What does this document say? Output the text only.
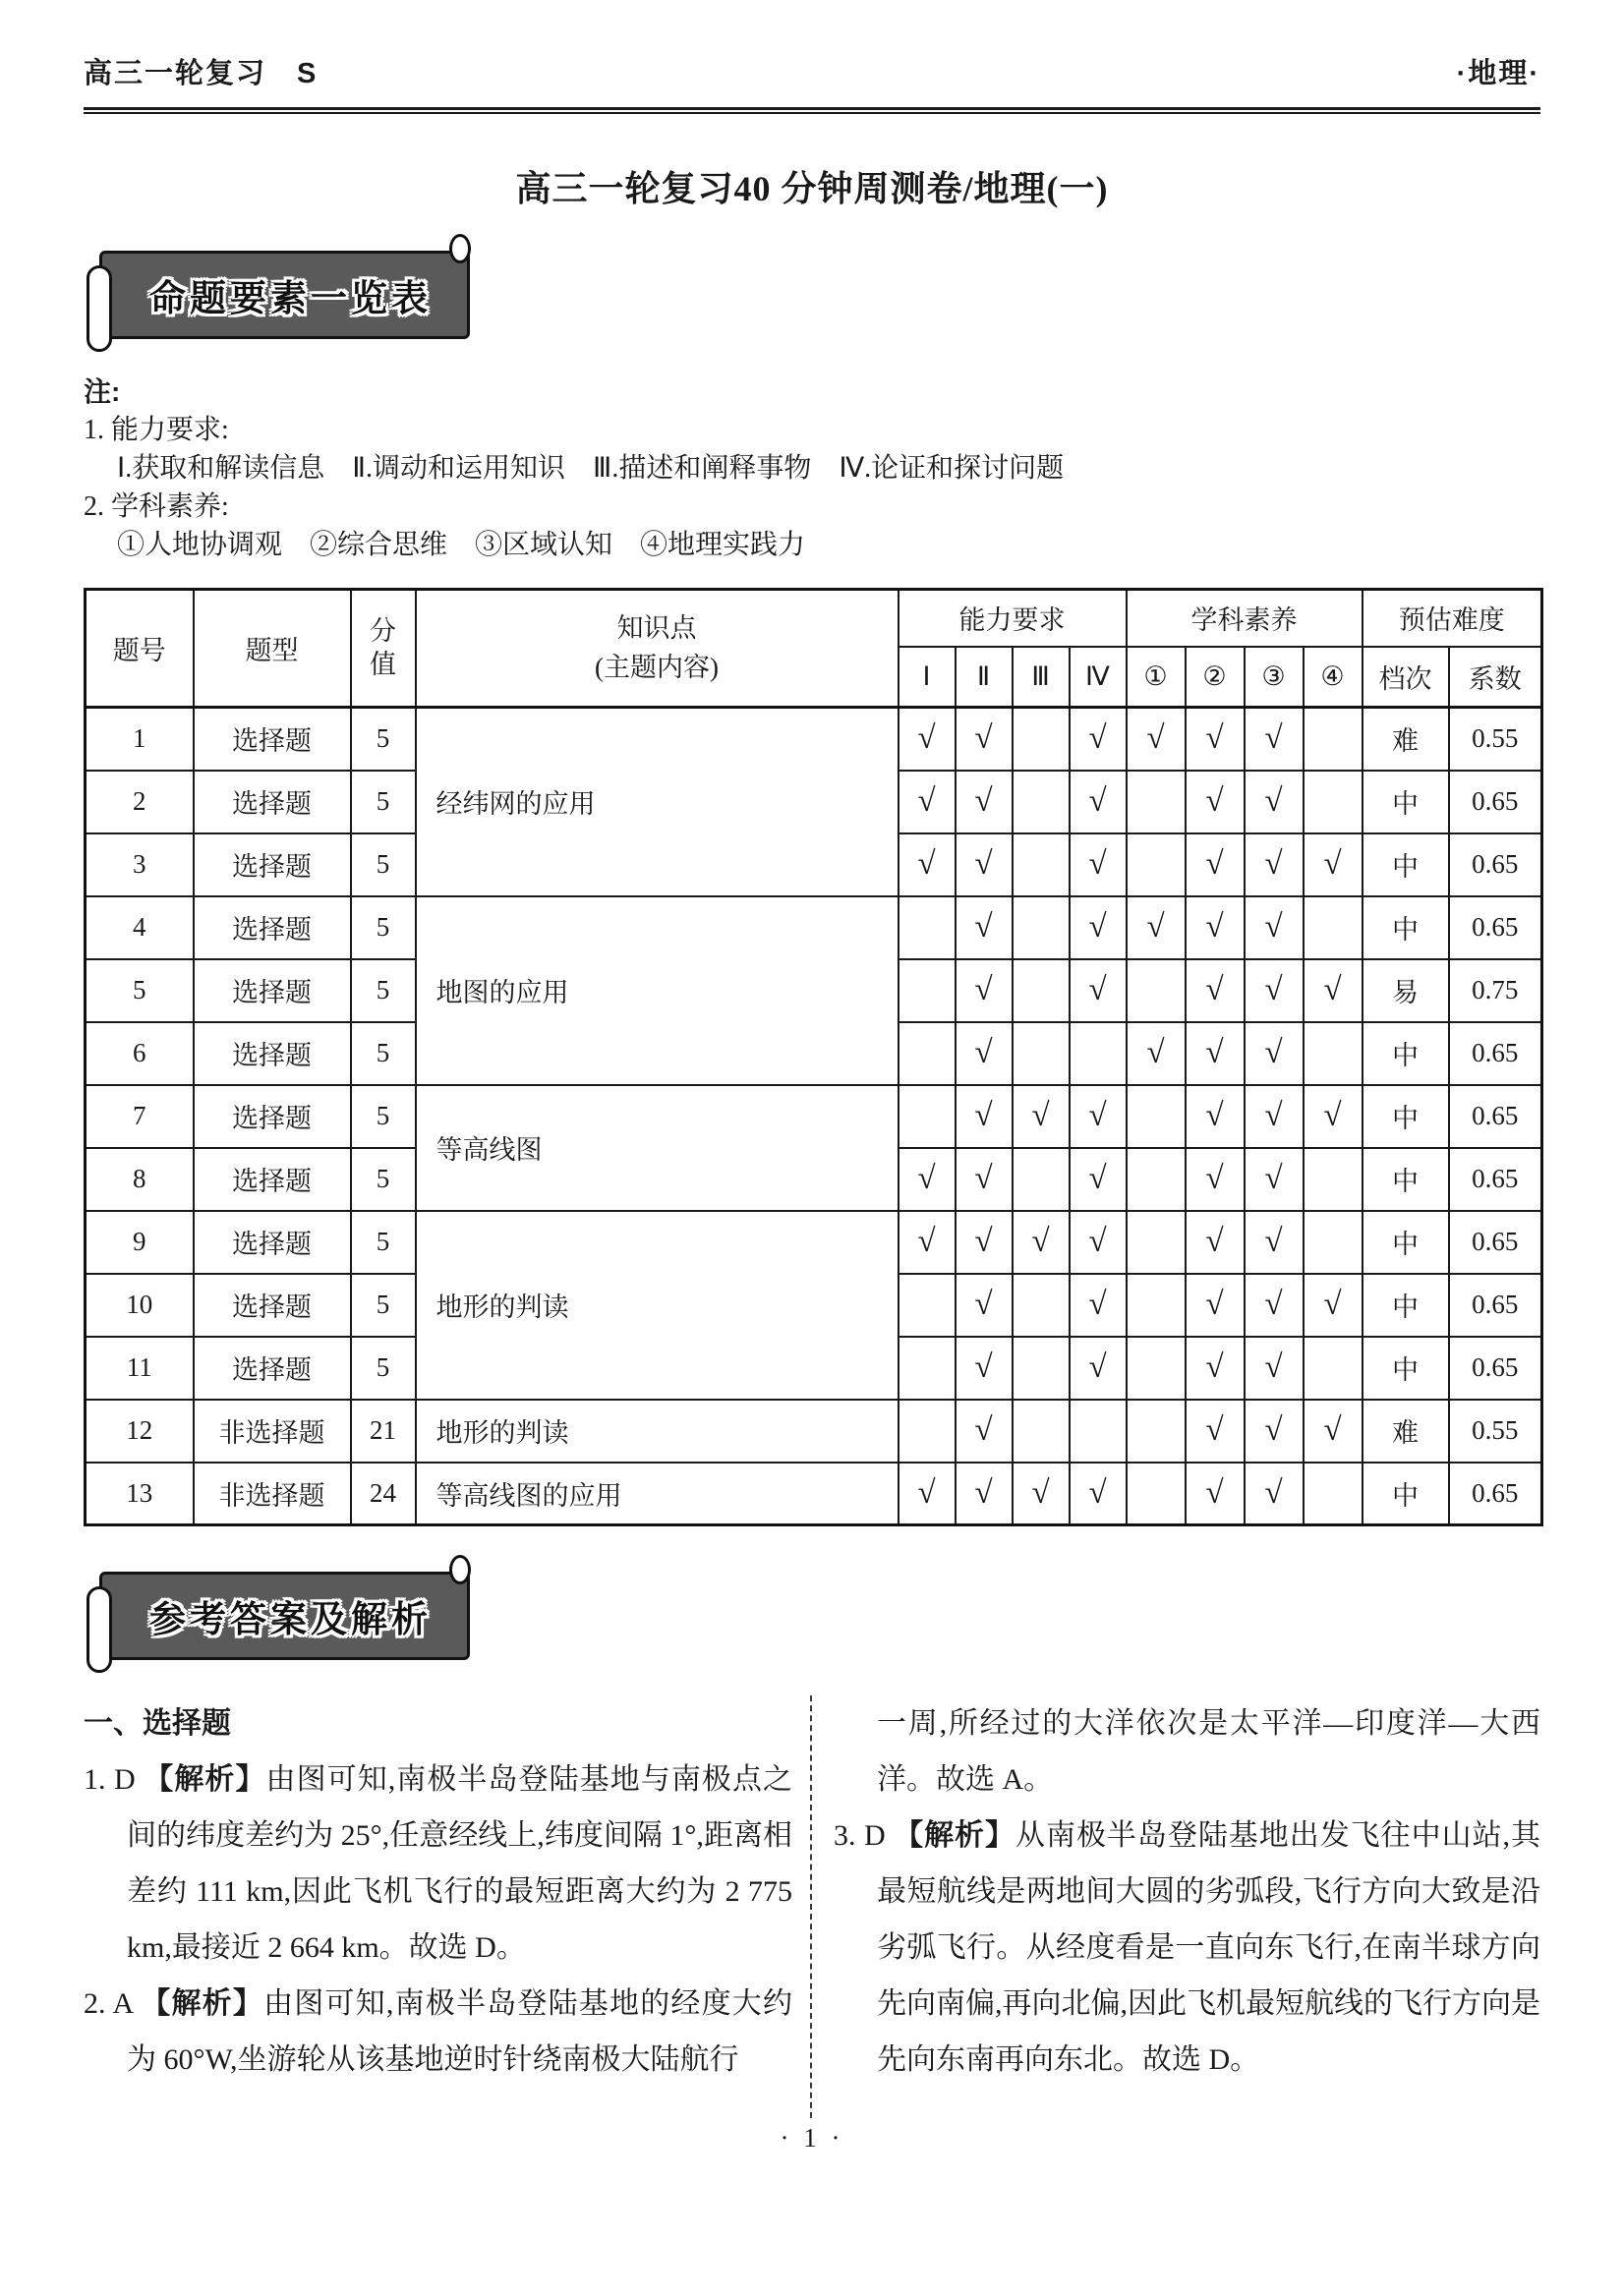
高三一轮复习　S	·地理·
高三一轮复习40 分钟周测卷/地理(一)
命题要素一览表
注:
1. 能力要求:
Ⅰ.获取和解读信息　Ⅱ.调动和运用知识　Ⅲ.描述和阐释事物　Ⅳ.论证和探讨问题
2. 学科素养:
①人地协调观　②综合思维　③区域认知　④地理实践力
题号	题型	分值	知识点
(主题内容)	能力要求				学科素养				预估难度	
				Ⅰ	Ⅱ	Ⅲ	Ⅳ	①	②	③	④	档次	系数
1	选择题	5	经纬网的应用	√	√		√	√	√	√		难	0.55
2	选择题	5		√	√		√		√	√		中	0.65
3	选择题	5		√	√		√		√	√	√	中	0.65
4	选择题	5	地图的应用		√		√	√	√	√		中	0.65
5	选择题	5			√		√		√	√	√	易	0.75
6	选择题	5			√			√	√	√		中	0.65
7	选择题	5	等高线图		√	√	√		√	√	√	中	0.65
8	选择题	5		√	√		√		√	√		中	0.65
9	选择题	5	地形的判读	√	√	√	√		√	√		中	0.65
10	选择题	5			√		√		√	√	√	中	0.65
11	选择题	5			√		√		√	√		中	0.65
12	非选择题	21	地形的判读		√				√	√	√	难	0.55
13	非选择题	24	等高线图的应用	√	√	√	√		√	√		中	0.65
参考答案及解析
一、选择题
1. D 【解析】由图可知,南极半岛登陆基地与南极点之间的纬度差约为 25°,任意经线上,纬度间隔 1°,距离相差约 111 km,因此飞机飞行的最短距离大约为 2 775 km,最接近 2 664 km。故选 D。
2. A 【解析】由图可知,南极半岛登陆基地的经度大约为 60°W,坐游轮从该基地逆时针绕南极大陆航行
一周,所经过的大洋依次是太平洋—印度洋—大西洋。故选 A。
3. D 【解析】从南极半岛登陆基地出发飞往中山站,其最短航线是两地间大圆的劣弧段,飞行方向大致是沿劣弧飞行。从经度看是一直向东飞行,在南半球方向先向南偏,再向北偏,因此飞机最短航线的飞行方向是先向东南再向东北。故选 D。
· 1 ·
